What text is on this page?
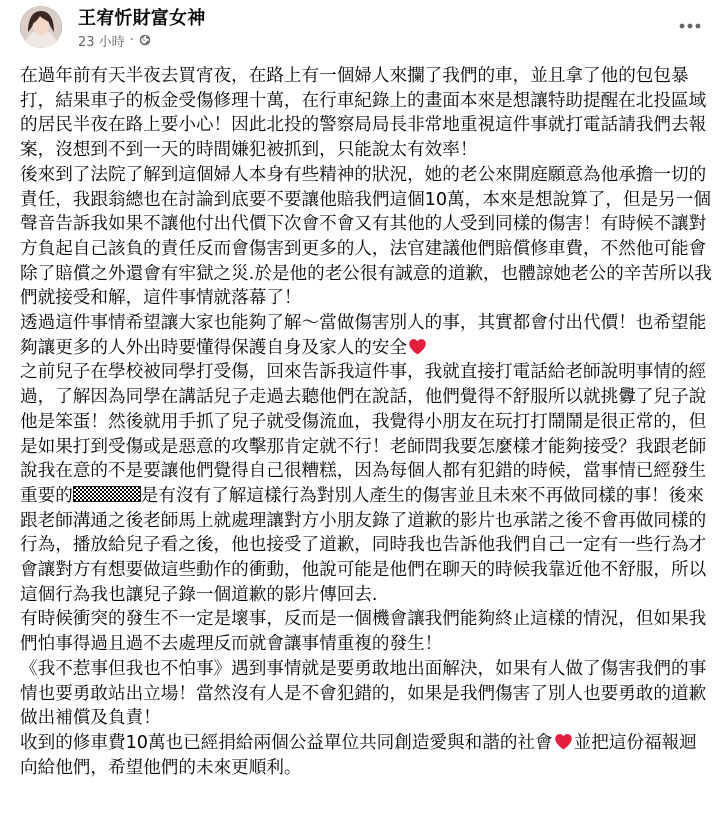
王宥忻財富女神
23 小時 ·

在過年前有天半夜去買宵夜，在路上有一個婦人來攔了我們的車，並且拿了他的包包暴打，結果車子的板金受傷修理十萬，在行車紀錄上的畫面本來是想讓特助提醒在北投區域的居民半夜在路上要小心！因此北投的警察局局長非常地重視這件事就打電話請我們去報案，沒想到不到一天的時間嫌犯被抓到，只能說太有效率！

後來到了法院了解到這個婦人本身有些精神的狀況，她的老公來開庭願意為他承擔一切的責任，我跟翁總也在討論到底要不要讓他賠我們這個10萬，本來是想說算了，但是另一個聲音告訴我如果不讓他付出代價下次會不會又有其他的人受到同樣的傷害！有時候不讓對方負起自己該負的責任反而會傷害到更多的人，法官建議他們賠償修車費，不然他可能會除了賠償之外還會有牢獄之災.於是他的老公很有誠意的道歉，也體諒她老公的辛苦所以我們就接受和解，這件事情就落幕了！

透過這件事情希望讓大家也能夠了解～當做傷害別人的事，其實都會付出代價！也希望能夠讓更多的人外出時要懂得保護自身及家人的安全

之前兒子在學校被同學打受傷，回來告訴我這件事，我就直接打電話給老師說明事情的經過，了解因為同學在講話兒子走過去聽他們在說話，他們覺得不舒服所以就挑釁了兒子說他是笨蛋！然後就用手抓了兒子就受傷流血，我覺得小朋友在玩打打鬧鬧是很正常的，但是如果打到受傷或是惡意的攻擊那肯定就不行！老師問我要怎麼樣才能夠接受？我跟老師說我在意的不是要讓他們覺得自己很糟糕，因為每個人都有犯錯的時候，當事情已經發生重要的	是有沒有了解這樣行為對別人產生的傷害並且未來不再做同樣的事！後來跟老師溝通之後老師馬上就處理讓對方小朋友錄了道歉的影片也承諾之後不會再做同樣的行為，播放給兒子看之後，他也接受了道歉，同時我也告訴他我們自己一定有一些行為才會讓對方有想要做這些動作的衝動，他說可能是他們在聊天的時候我靠近他不舒服，所以這個行為我也讓兒子錄一個道歉的影片傳回去.

有時候衝突的發生不一定是壞事，反而是一個機會讓我們能夠終止這樣的情況，但如果我們怕事得過且過不去處理反而就會讓事情重複的發生！

《我不惹事但我也不怕事》遇到事情就是要勇敢地出面解決，如果有人做了傷害我們的事情也要勇敢站出立場！當然沒有人是不會犯錯的，如果是我們傷害了別人也要勇敢的道歉做出補償及負責！

收到的修車費10萬也已經捐給兩個公益單位共同創造愛與和諧的社會 並把這份福報迴向給他們，希望他們的未來更順利。
